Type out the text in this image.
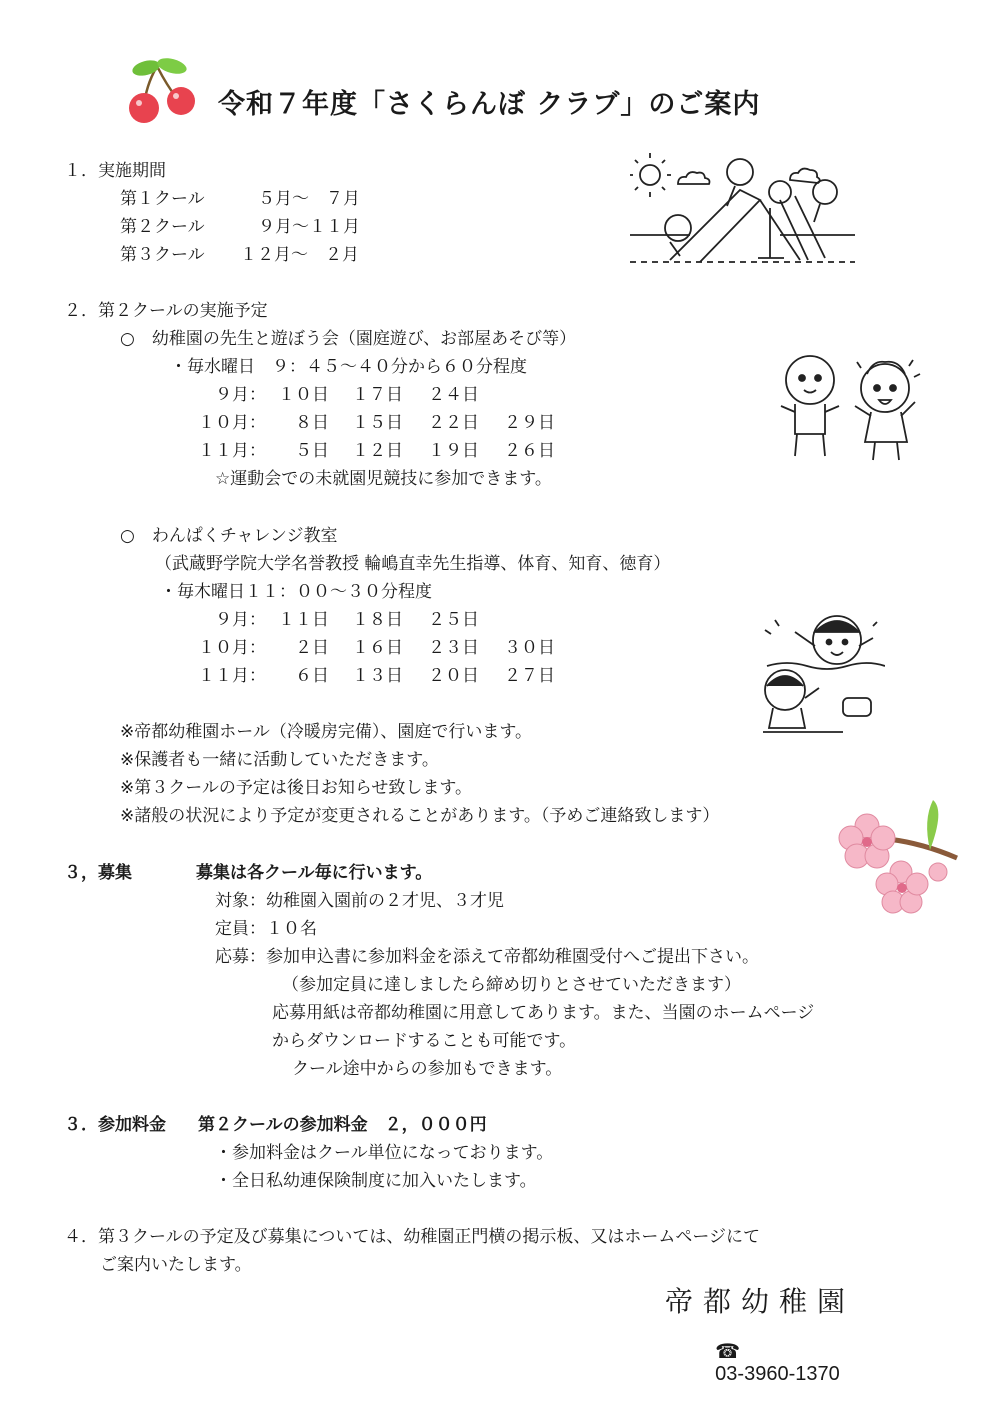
令和７年度「さくらんぼ クラブ」のご案内
１．実施期間
第１クール	５月～　７月
第２クール	９月～１１月
第３クール １２月～　２月
２．第２クールの実施予定
○　幼稚園の先生と遊ぼう会（園庭遊び、お部屋あそび等）
・毎水曜日　９：４５～４０分から６０分程度
９月： １０日 １７日 ２４日
１０月： ８日 １５日 ２２日 ２９日
１１月： ５日 １２日 １９日 ２６日
☆運動会での未就園児競技に参加できます。
○　わんぱくチャレンジ教室
（武蔵野学院大学名誉教授 輪嶋直幸先生指導、体育、知育、徳育）
・毎木曜日１１：００～３０分程度
９月： １１日 １８日 ２５日
１０月： ２日 １６日 ２３日 ３０日
１１月： ６日 １３日 ２０日 ２７日
※帝都幼稚園ホール（冷暖房完備）、園庭で行います。
※保護者も一緒に活動していただきます。
※第３クールの予定は後日お知らせ致します。
※諸般の状況により予定が変更されることがあります。（予めご連絡致します）
３，募集	募集は各クール毎に行います。
対象：幼稚園入園前の２才児、３才児
定員：１０名
応募：参加申込書に参加料金を添えて帝都幼稚園受付へご提出下さい。
（参加定員に達しましたら締め切りとさせていただきます）
応募用紙は帝都幼稚園に用意してあります。また、当園のホームページ
からダウンロードすることも可能です。
クール途中からの参加もできます。
３．参加料金 第２クールの参加料金　２，０００円
・参加料金はクール単位になっております。
・全日私幼連保険制度に加入いたします。
４．第３クールの予定及び募集については、幼稚園正門横の掲示板、又はホームページにて
ご案内いたします。
帝都幼稚園

☎
03-3960-1370
